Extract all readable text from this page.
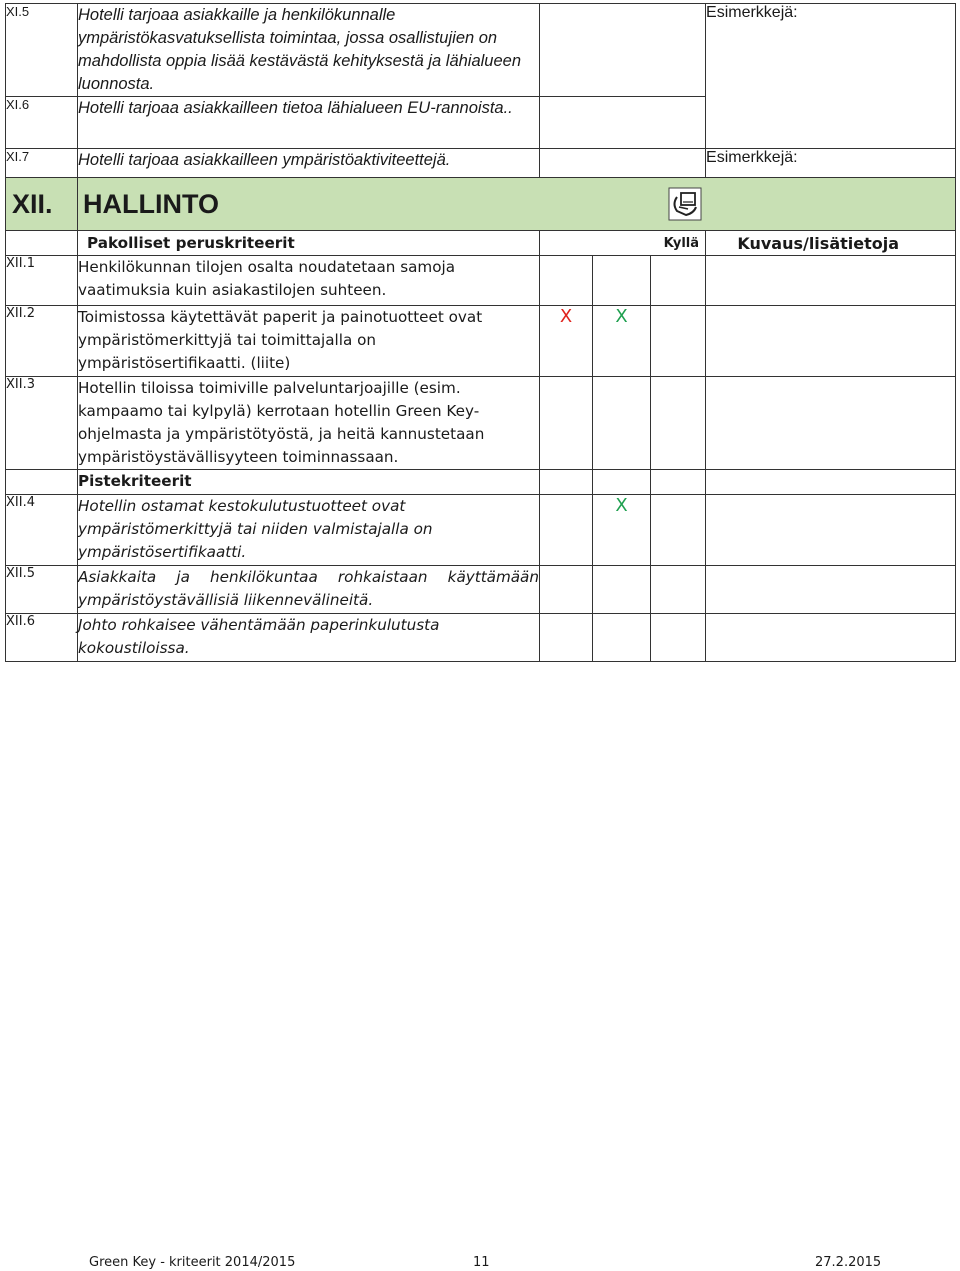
XI.5	Hotelli tarjoaa asiakkaille ja henkilökunnalle ympäristökasvatuksellista toimintaa, jossa osallistujien on mahdollista oppia lisää kestävästä kehityksestä ja lähialueen luonnosta.				Esimerkkejä:
XI.6	Hotelli tarjoaa asiakkailleen tietoa lähialueen EU-rannoista..				
XI.7	Hotelli tarjoaa asiakkailleen ympäristöaktiviteettejä.				Esimerkkejä:
XII.	HALLINTO				

	Pakolliset peruskriteerit	Kyllä			Kuvaus/lisätietoja
XII.1	Henkilökunnan tilojen osalta noudatetaan samoja vaatimuksia kuin asiakastilojen suhteen.				
XII.2	Toimistossa käytettävät paperit ja painotuotteet ovat ympäristömerkittyjä tai toimittajalla on ympäristösertifikaatti. (liite)	X	X		
XII.3	Hotellin tiloissa toimiville palveluntarjoajille (esim. kampaamo tai kylpylä) kerrotaan hotellin Green Key-ohjelmasta ja ympäristötyöstä, ja heitä kannustetaan ympäristöystävällisyyteen toiminnassaan.				
	Pistekriteerit				
XII.4	Hotellin ostamat kestokulutustuotteet ovat ympäristömerkittyjä tai niiden valmistajalla on ympäristösertifikaatti.		X		
XII.5	Asiakkaita ja henkilökuntaa rohkaistaan käyttämään ympäristöystävällisiä liikennevälineitä.				
XII.6	Johto rohkaisee vähentämään paperinkulutusta kokoustiloissa.				
Green Key - kriteerit 2014/2015	11	27.2.2015
